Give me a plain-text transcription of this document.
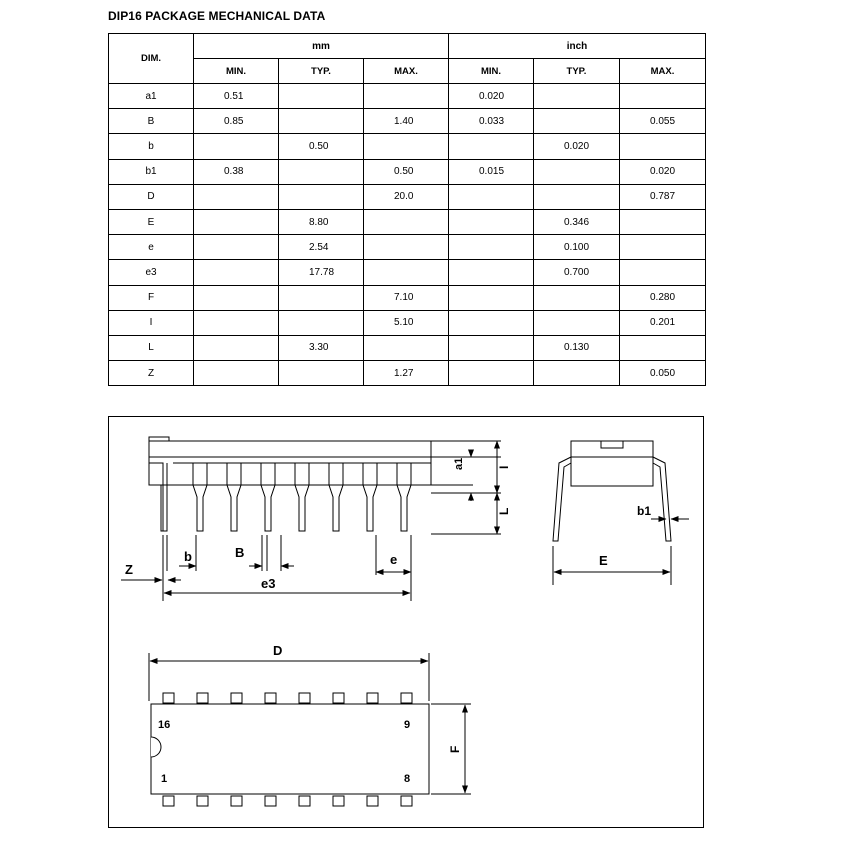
DIP16 PACKAGE MECHANICAL DATA
DIM.	mm			inch		
	MIN.	TYP.	MAX.	MIN.	TYP.	MAX.
a1	0.51			0.020		
B	0.85		1.40	0.033		0.055
b		0.50			0.020	
b1	0.38		0.50	0.015		0.020
D			20.0			0.787
E		8.80			0.346	
e		2.54			0.100	
e3		17.78			0.700	
F			7.10			0.280
I			5.10			0.201
L		3.30			0.130	
Z			1.27			0.050
a1	I
L
Z
b	B	e
e3
b1
E
D
F
16	9
1	8
